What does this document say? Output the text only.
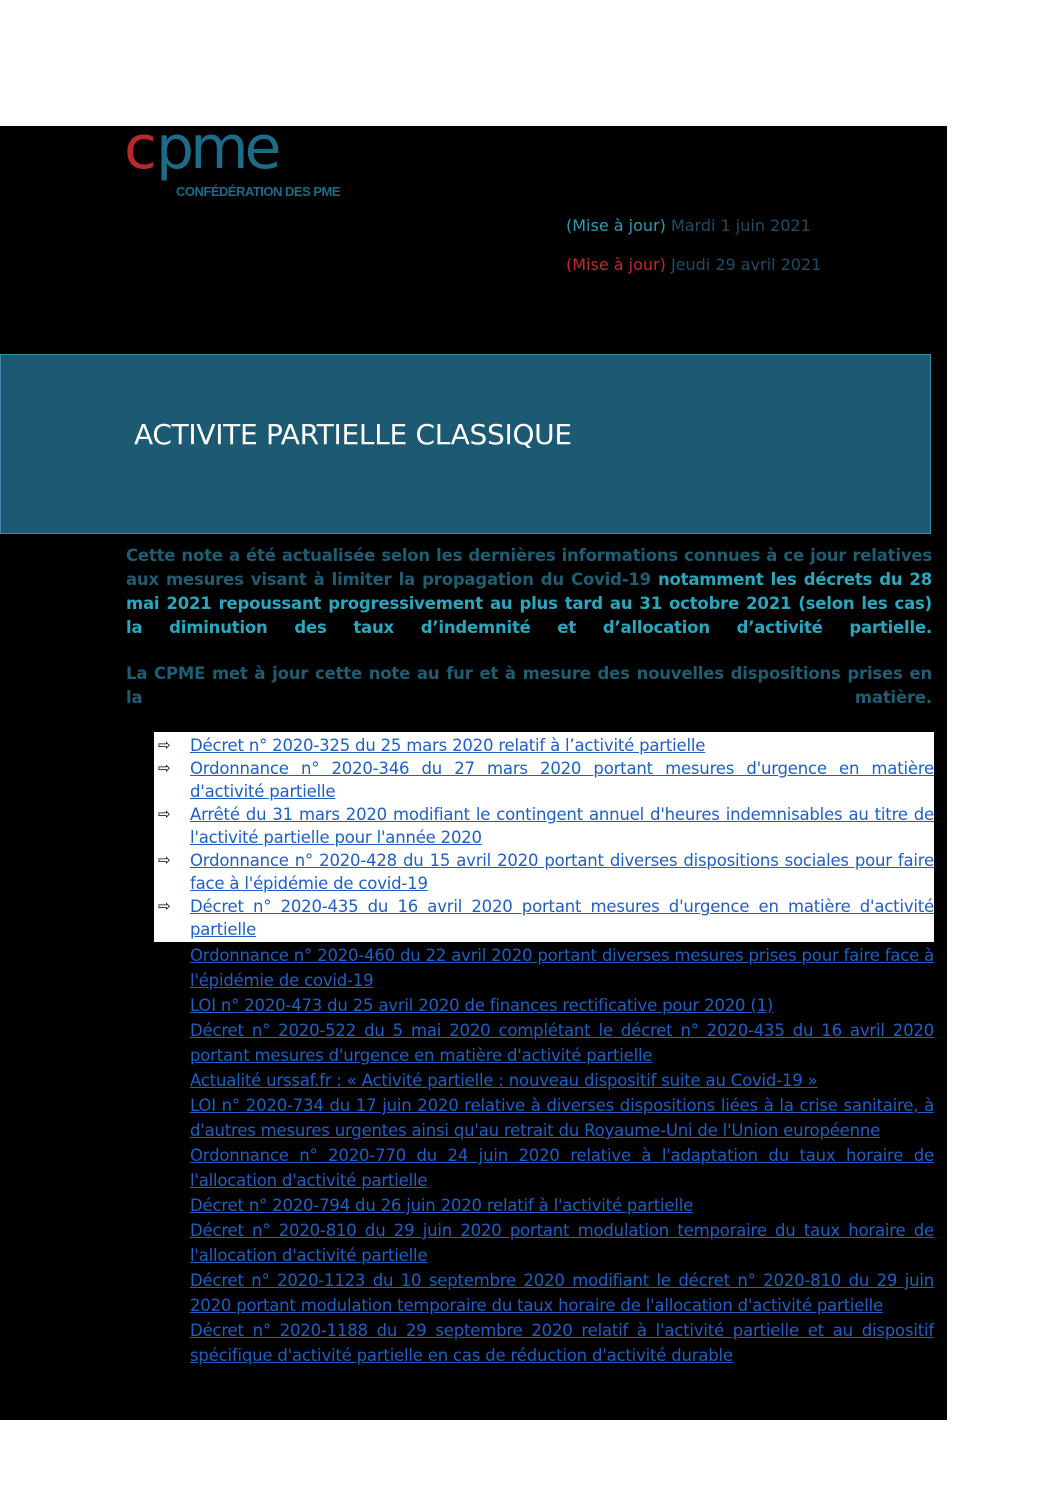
c pme
CONFÉDÉRATION DES PME
(Mise à jour) Mardi 1 juin 2021
(Mise à jour) Jeudi 29 avril 2021
ACTIVITE PARTIELLE CLASSIQUE
Cette note a été actualisée selon les dernières informations connues à ce jour relatives aux mesures visant à limiter la propagation du Covid-19 notamment les décrets du 28 mai 2021 repoussant progressivement au plus tard au 31 octobre 2021 (selon les cas) la diminution des taux d’indemnité et d’allocation d’activité partielle.
La CPME met à jour cette note au fur et à mesure des nouvelles dispositions prises en la matière.
⇨ Décret n° 2020-325 du 25 mars 2020 relatif à l’activité partielle
⇨ Ordonnance n° 2020-346 du 27 mars 2020 portant mesures d'urgence en matière d'activité partielle
⇨ Arrêté du 31 mars 2020 modifiant le contingent annuel d'heures indemnisables au titre de l'activité partielle pour l'année 2020
⇨ Ordonnance n° 2020-428 du 15 avril 2020 portant diverses dispositions sociales pour faire face à l'épidémie de covid-19
⇨ Décret n° 2020-435 du 16 avril 2020 portant mesures d'urgence en matière d'activité partielle
Ordonnance n° 2020-460 du 22 avril 2020 portant diverses mesures prises pour faire face à l'épidémie de covid-19
LOI n° 2020-473 du 25 avril 2020 de finances rectificative pour 2020 (1)
Décret n° 2020-522 du 5 mai 2020 complétant le décret n° 2020-435 du 16 avril 2020 portant mesures d'urgence en matière d'activité partielle
Actualité urssaf.fr : « Activité partielle : nouveau dispositif suite au Covid-19 »
LOI n° 2020-734 du 17 juin 2020 relative à diverses dispositions liées à la crise sanitaire, à d'autres mesures urgentes ainsi qu'au retrait du Royaume-Uni de l'Union européenne
Ordonnance n° 2020-770 du 24 juin 2020 relative à l'adaptation du taux horaire de l'allocation d'activité partielle
Décret n° 2020-794 du 26 juin 2020 relatif à l'activité partielle
Décret n° 2020-810 du 29 juin 2020 portant modulation temporaire du taux horaire de l'allocation d'activité partielle
Décret n° 2020-1123 du 10 septembre 2020 modifiant le décret n° 2020-810 du 29 juin 2020 portant modulation temporaire du taux horaire de l'allocation d'activité partielle
Décret n° 2020-1188 du 29 septembre 2020 relatif à l'activité partielle et au dispositif spécifique d'activité partielle en cas de réduction d'activité durable
